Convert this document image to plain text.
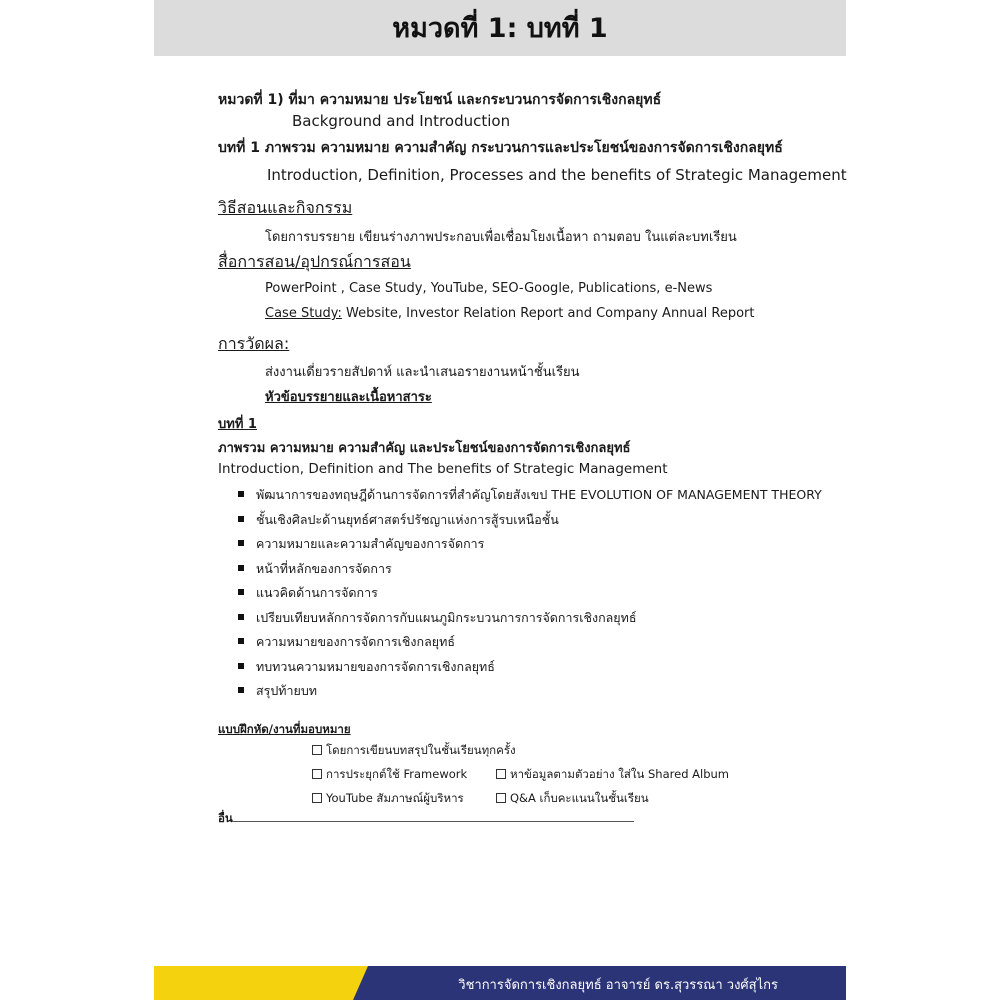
หมวดที่ 1: บทที่ 1
หมวดที่ 1) ที่มา ความหมาย ประโยชน์ และกระบวนการจัดการเชิงกลยุทธ์
Background and Introduction
บทที่ 1 ภาพรวม ความหมาย ความสำคัญ กระบวนการและประโยชน์ของการจัดการเชิงกลยุทธ์
Introduction, Definition, Processes and the benefits of Strategic Management
วิธีสอนและกิจกรรม
โดยการบรรยาย เขียนร่างภาพประกอบเพื่อเชื่อมโยงเนื้อหา ถามตอบ ในแต่ละบทเรียน
สื่อการสอน/อุปกรณ์การสอน
PowerPoint , Case Study, YouTube, SEO-Google, Publications, e-News
Case Study: Website, Investor Relation Report and Company Annual Report
การวัดผล:
ส่งงานเดี่ยวรายสัปดาห์ และนำเสนอรายงานหน้าชั้นเรียน
หัวข้อบรรยายและเนื้อหาสาระ
บทที่ 1
ภาพรวม ความหมาย ความสำคัญ และประโยชน์ของการจัดการเชิงกลยุทธ์
Introduction, Definition and The benefits of Strategic Management
พัฒนาการของทฤษฎีด้านการจัดการที่สำคัญโดยสังเขป THE EVOLUTION OF MANAGEMENT THEORY
ชั้นเชิงศิลปะด้านยุทธ์ศาสตร์ปรัชญาแห่งการสู้รบเหนือชั้น
ความหมายและความสำคัญของการจัดการ
หน้าที่หลักของการจัดการ
แนวคิดด้านการจัดการ
เปรียบเทียบหลักการจัดการกับแผนภูมิกระบวนการการจัดการเชิงกลยุทธ์
ความหมายของการจัดการเชิงกลยุทธ์
ทบทวนความหมายของการจัดการเชิงกลยุทธ์
สรุปท้ายบท
แบบฝึกหัด/งานที่มอบหมาย
โดยการเขียนบทสรุปในชั้นเรียนทุกครั้ง
การประยุกต์ใช้ Framework	หาข้อมูลตามตัวอย่าง ใส่ใน Shared Album
YouTube สัมภาษณ์ผู้บริหาร	Q&A เก็บคะแนนในชั้นเรียน
อื่น
วิชาการจัดการเชิงกลยุทธ์ อาจารย์ ดร.สุวรรณา วงศ์สุไกร
